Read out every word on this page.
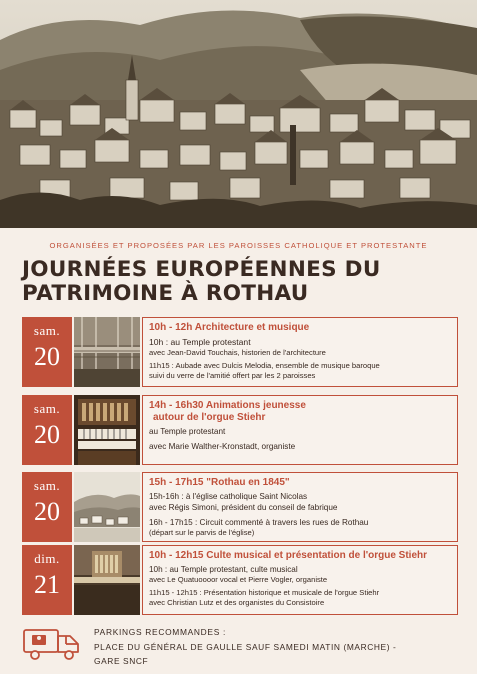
ORGANISÉES ET PROPOSÉES PAR LES PAROISSES CATHOLIQUE ET PROTESTANTE
JOURNÉES EUROPÉENNES DU
PATRIMOINE À ROTHAU
sam.
20
10h - 12h Architecture et musique
10h : au Temple protestant
avec Jean-David Touchais, historien de l'architecture
11h15 : Aubade avec Dulcis Melodia, ensemble de musique baroque
suivi du verre de l'amitié offert par les 2 paroisses
sam.
20
14h - 16h30 Animations jeunesse
autour de l'orgue Stiehr
au Temple protestant
avec Marie Walther-Kronstadt, organiste
sam.
20
15h - 17h15 "Rothau en 1845"
15h-16h : à l'église catholique Saint Nicolas
avec Régis Simoni, président du conseil de fabrique
16h - 17h15 : Circuit commenté à travers les rues de Rothau
(départ sur le parvis de l'église)
dim.
21
10h - 12h15 Culte musical et présentation de l'orgue Stiehr
10h : au Temple protestant, culte musical
avec Le Quatuoooor vocal et Pierre Vogler, organiste
11h15 - 12h15 : Présentation historique et musicale de l'orgue Stiehr
avec Christian Lutz et des organistes du Consistoire
PARKINGS RECOMMANDES :
PLACE DU GÉNÉRAL DE GAULLE SAUF SAMEDI MATIN (MARCHE) -
GARE SNCF
